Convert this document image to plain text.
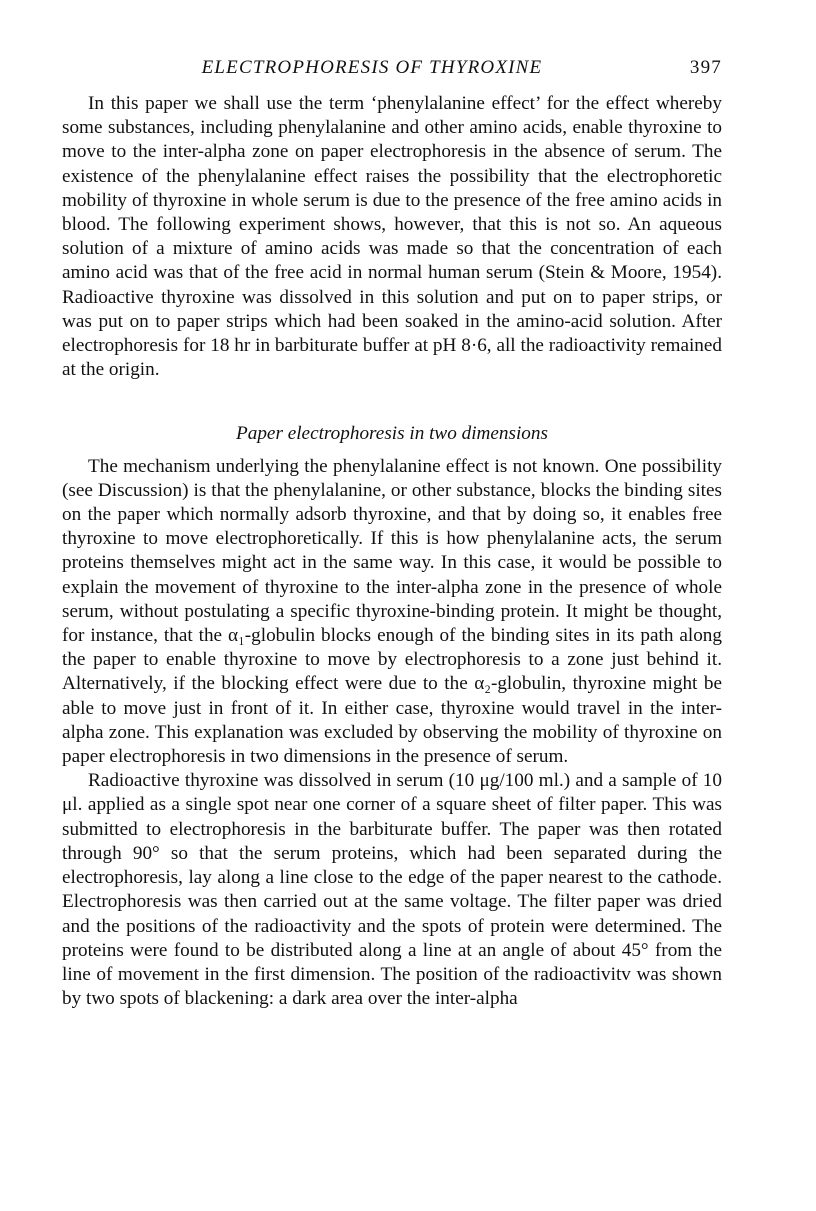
ELECTROPHORESIS OF THYROXINE	397

In this paper we shall use the term ‘phenylalanine effect’ for the effect whereby some substances, including phenylalanine and other amino acids, enable thyroxine to move to the inter-alpha zone on paper electrophoresis in the absence of serum. The existence of the phenylalanine effect raises the possibility that the electrophoretic mobility of thyroxine in whole serum is due to the presence of the free amino acids in blood. The following experiment shows, however, that this is not so. An aqueous solution of a mixture of amino acids was made so that the concentration of each amino acid was that of the free acid in normal human serum (Stein & Moore, 1954). Radioactive thyroxine was dissolved in this solution and put on to paper strips, or was put on to paper strips which had been soaked in the amino-acid solution. After electrophoresis for 18 hr in barbiturate buffer at pH 8·6, all the radioactivity remained at the origin.

Paper electrophoresis in two dimensions

The mechanism underlying the phenylalanine effect is not known. One possibility (see Discussion) is that the phenylalanine, or other substance, blocks the binding sites on the paper which normally adsorb thyroxine, and that by doing so, it enables free thyroxine to move electrophoretically. If this is how phenylalanine acts, the serum proteins themselves might act in the same way. In this case, it would be possible to explain the movement of thyroxine to the inter-alpha zone in the presence of whole serum, without postulating a specific thyroxine-binding protein. It might be thought, for instance, that the α₁-globulin blocks enough of the binding sites in its path along the paper to enable thyroxine to move by electrophoresis to a zone just behind it. Alternatively, if the blocking effect were due to the α₂-globulin, thyroxine might be able to move just in front of it. In either case, thyroxine would travel in the inter-alpha zone. This explanation was excluded by observing the mobility of thyroxine on paper electrophoresis in two dimensions in the presence of serum.

Radioactive thyroxine was dissolved in serum (10 μg/100 ml.) and a sample of 10 μl. applied as a single spot near one corner of a square sheet of filter paper. This was submitted to electrophoresis in the barbiturate buffer. The paper was then rotated through 90° so that the serum proteins, which had been separated during the electrophoresis, lay along a line close to the edge of the paper nearest to the cathode. Electrophoresis was then carried out at the same voltage. The filter paper was dried and the positions of the radioactivity and the spots of protein were determined. The proteins were found to be distributed along a line at an angle of about 45° from the line of movement in the first dimension. The position of the radioactivitv was shown by two spots of blackening: a dark area over the inter-alpha
